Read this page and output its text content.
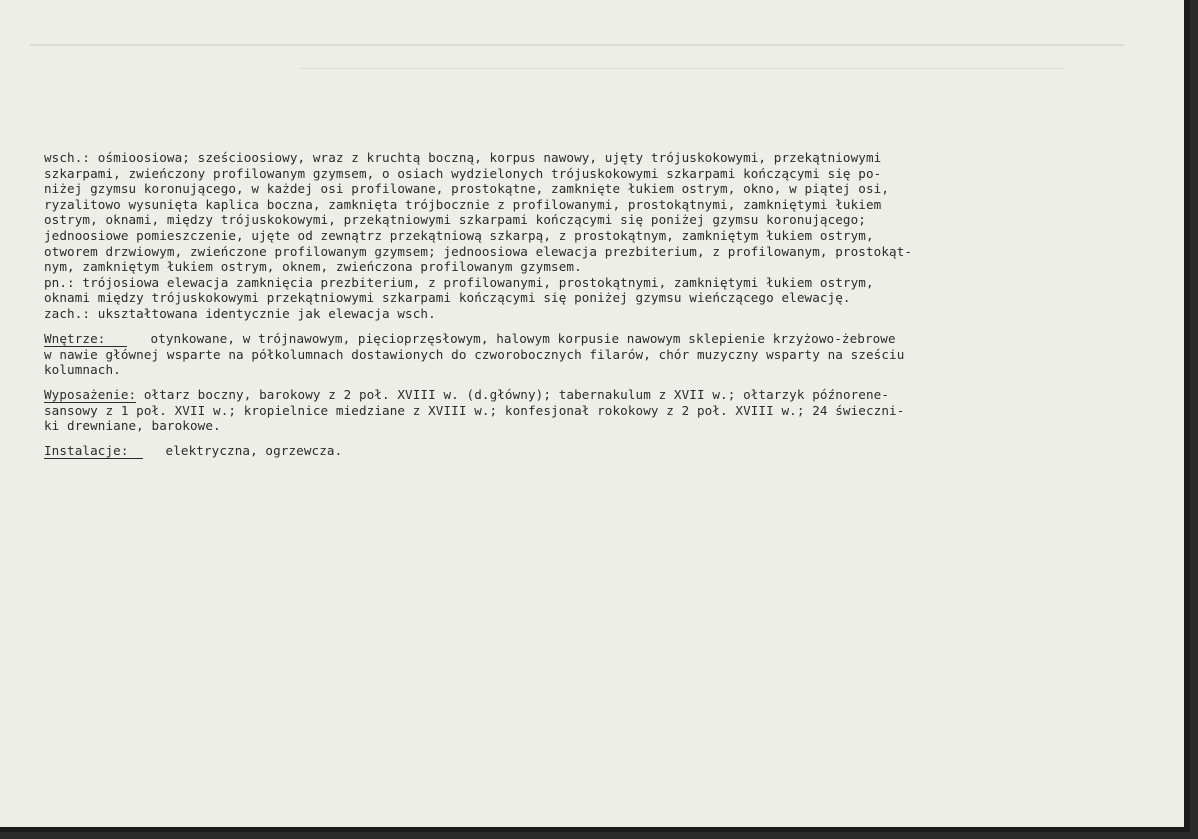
wsch.: ośmioosiowa; sześcioosiowy, wraz z kruchtą boczną, korpus nawowy, ujęty trójuskokowymi, przekątniowymi

szkarpami, zwieńczony profilowanym gzymsem, o osiach wydzielonych trójuskokowymi szkarpami kończącymi się po-

niżej gzymsu koronującego, w każdej osi profilowane, prostokątne, zamknięte łukiem ostrym, okno, w piątej osi,

ryzalitowo wysunięta kaplica boczna, zamknięta trójbocznie z profilowanymi, prostokątnymi, zamkniętymi łukiem

ostrym, oknami, między trójuskokowymi, przekątniowymi szkarpami kończącymi się poniżej gzymsu koronującego;

jednoosiowe pomieszczenie, ujęte od zewnątrz przekątniową szkarpą, z prostokątnym, zamkniętym łukiem ostrym,

otworem drzwiowym, zwieńczone profilowanym gzymsem; jednoosiowa elewacja prezbiterium, z profilowanym, prostokąt-

nym, zamkniętym łukiem ostrym, oknem, zwieńczona profilowanym gzymsem.

pn.: trójosiowa elewacja zamknięcia prezbiterium, z profilowanymi, prostokątnymi, zamkniętymi łukiem ostrym,

oknami między trójuskokowymi przekątniowymi szkarpami kończącymi się poniżej gzymsu wieńczącego elewację.

zach.: ukształtowana identycznie jak elewacja wsch.

Wnętrze:   otynkowane, w trójnawowym, pięcioprzęsłowym, halowym korpusie nawowym sklepienie krzyżowo-żebrowe

w nawie głównej wsparte na półkolumnach dostawionych do czworobocznych filarów, chór muzyczny wsparty na sześciu

kolumnach.

Wyposażenie: ołtarz boczny, barokowy z 2 poł. XVIII w. (d.główny); tabernakulum z XVII w.; ołtarzyk późnorene-

sansowy z 1 poł. XVII w.; kropielnice miedziane z XVIII w.; konfesjonał rokokowy z 2 poł. XVIII w.; 24 świeczni-

ki drewniane, barokowe.

Instalacje:   elektryczna, ogrzewcza.
